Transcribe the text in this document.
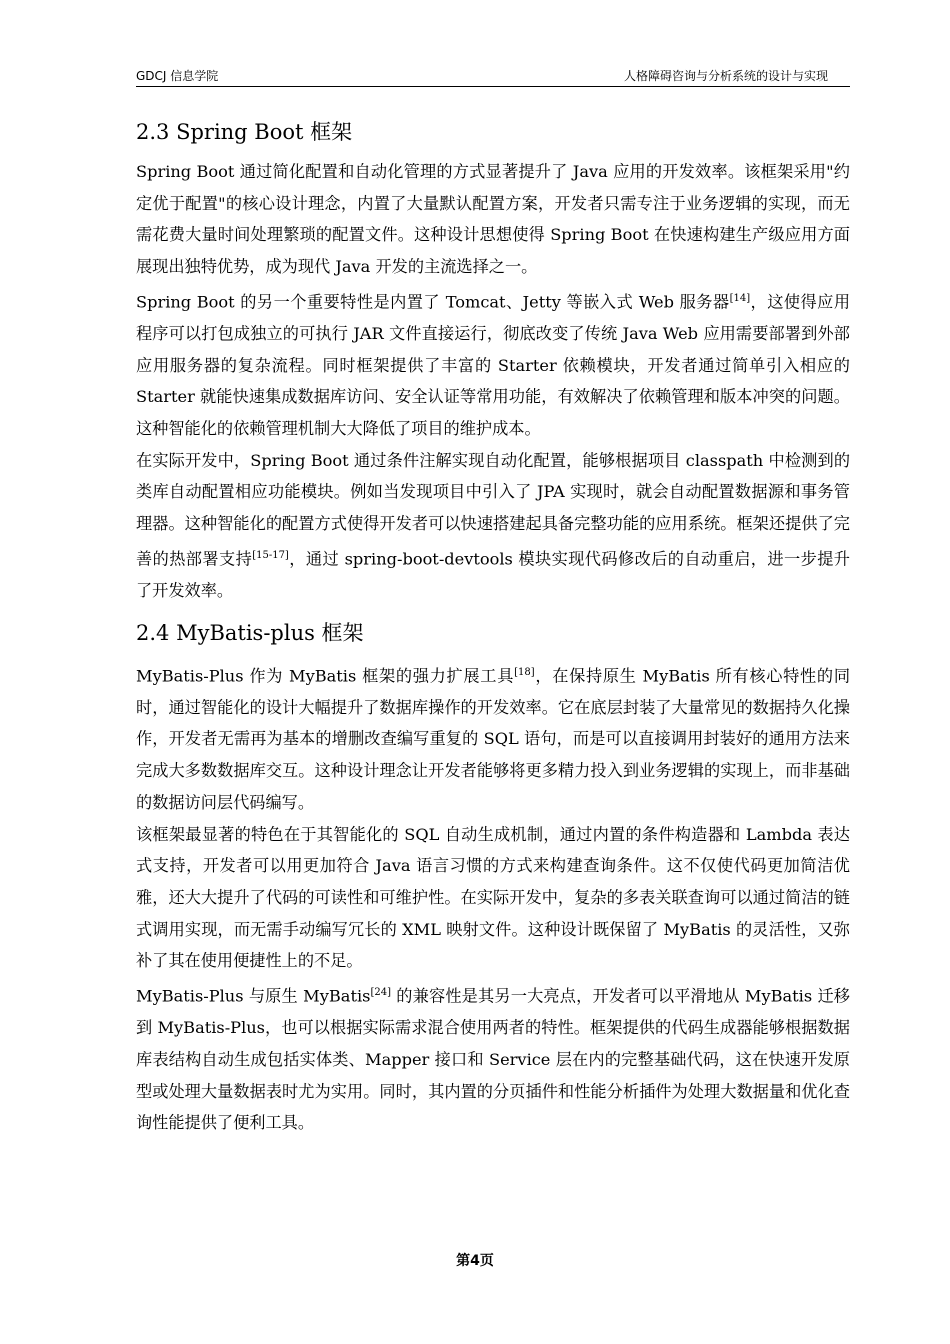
GDCJ 信息学院	人格障碍咨询与分析系统的设计与实现
2.3 Spring Boot 框架

Spring Boot 通过简化配置和自动化管理的方式显著提升了 Java 应用的开发效率。该框架采用"约定优于配置"的核心设计理念，内置了大量默认配置方案，开发者只需专注于业务逻辑的实现，而无需花费大量时间处理繁琐的配置文件。这种设计思想使得 Spring Boot 在快速构建生产级应用方面展现出独特优势，成为现代 Java 开发的主流选择之一。

Spring Boot 的另一个重要特性是内置了 Tomcat、Jetty 等嵌入式 Web 服务器[14]，这使得应用程序可以打包成独立的可执行 JAR 文件直接运行，彻底改变了传统 Java Web 应用需要部署到外部应用服务器的复杂流程。同时框架提供了丰富的 Starter 依赖模块，开发者通过简单引入相应的 Starter 就能快速集成数据库访问、安全认证等常用功能，有效解决了依赖管理和版本冲突的问题。这种智能化的依赖管理机制大大降低了项目的维护成本。

在实际开发中，Spring Boot 通过条件注解实现自动化配置，能够根据项目 classpath 中检测到的类库自动配置相应功能模块。例如当发现项目中引入了 JPA 实现时，就会自动配置数据源和事务管理器。这种智能化的配置方式使得开发者可以快速搭建起具备完整功能的应用系统。框架还提供了完善的热部署支持[15-17]，通过 spring-boot-devtools 模块实现代码修改后的自动重启，进一步提升了开发效率。

2.4 MyBatis-plus 框架

MyBatis-Plus 作为 MyBatis 框架的强力扩展工具[18]，在保持原生 MyBatis 所有核心特性的同时，通过智能化的设计大幅提升了数据库操作的开发效率。它在底层封装了大量常见的数据持久化操作，开发者无需再为基本的增删改查编写重复的 SQL 语句，而是可以直接调用封装好的通用方法来完成大多数数据库交互。这种设计理念让开发者能够将更多精力投入到业务逻辑的实现上，而非基础的数据访问层代码编写。

该框架最显著的特色在于其智能化的 SQL 自动生成机制，通过内置的条件构造器和 Lambda 表达式支持，开发者可以用更加符合 Java 语言习惯的方式来构建查询条件。这不仅使代码更加简洁优雅，还大大提升了代码的可读性和可维护性。在实际开发中，复杂的多表关联查询可以通过简洁的链式调用实现，而无需手动编写冗长的 XML 映射文件。这种设计既保留了 MyBatis 的灵活性，又弥补了其在使用便捷性上的不足。

MyBatis-Plus 与原生 MyBatis[24] 的兼容性是其另一大亮点，开发者可以平滑地从 MyBatis 迁移到 MyBatis-Plus，也可以根据实际需求混合使用两者的特性。框架提供的代码生成器能够根据数据库表结构自动生成包括实体类、Mapper 接口和 Service 层在内的完整基础代码，这在快速开发原型或处理大量数据表时尤为实用。同时，其内置的分页插件和性能分析插件为处理大数据量和优化查询性能提供了便利工具。

第4页
